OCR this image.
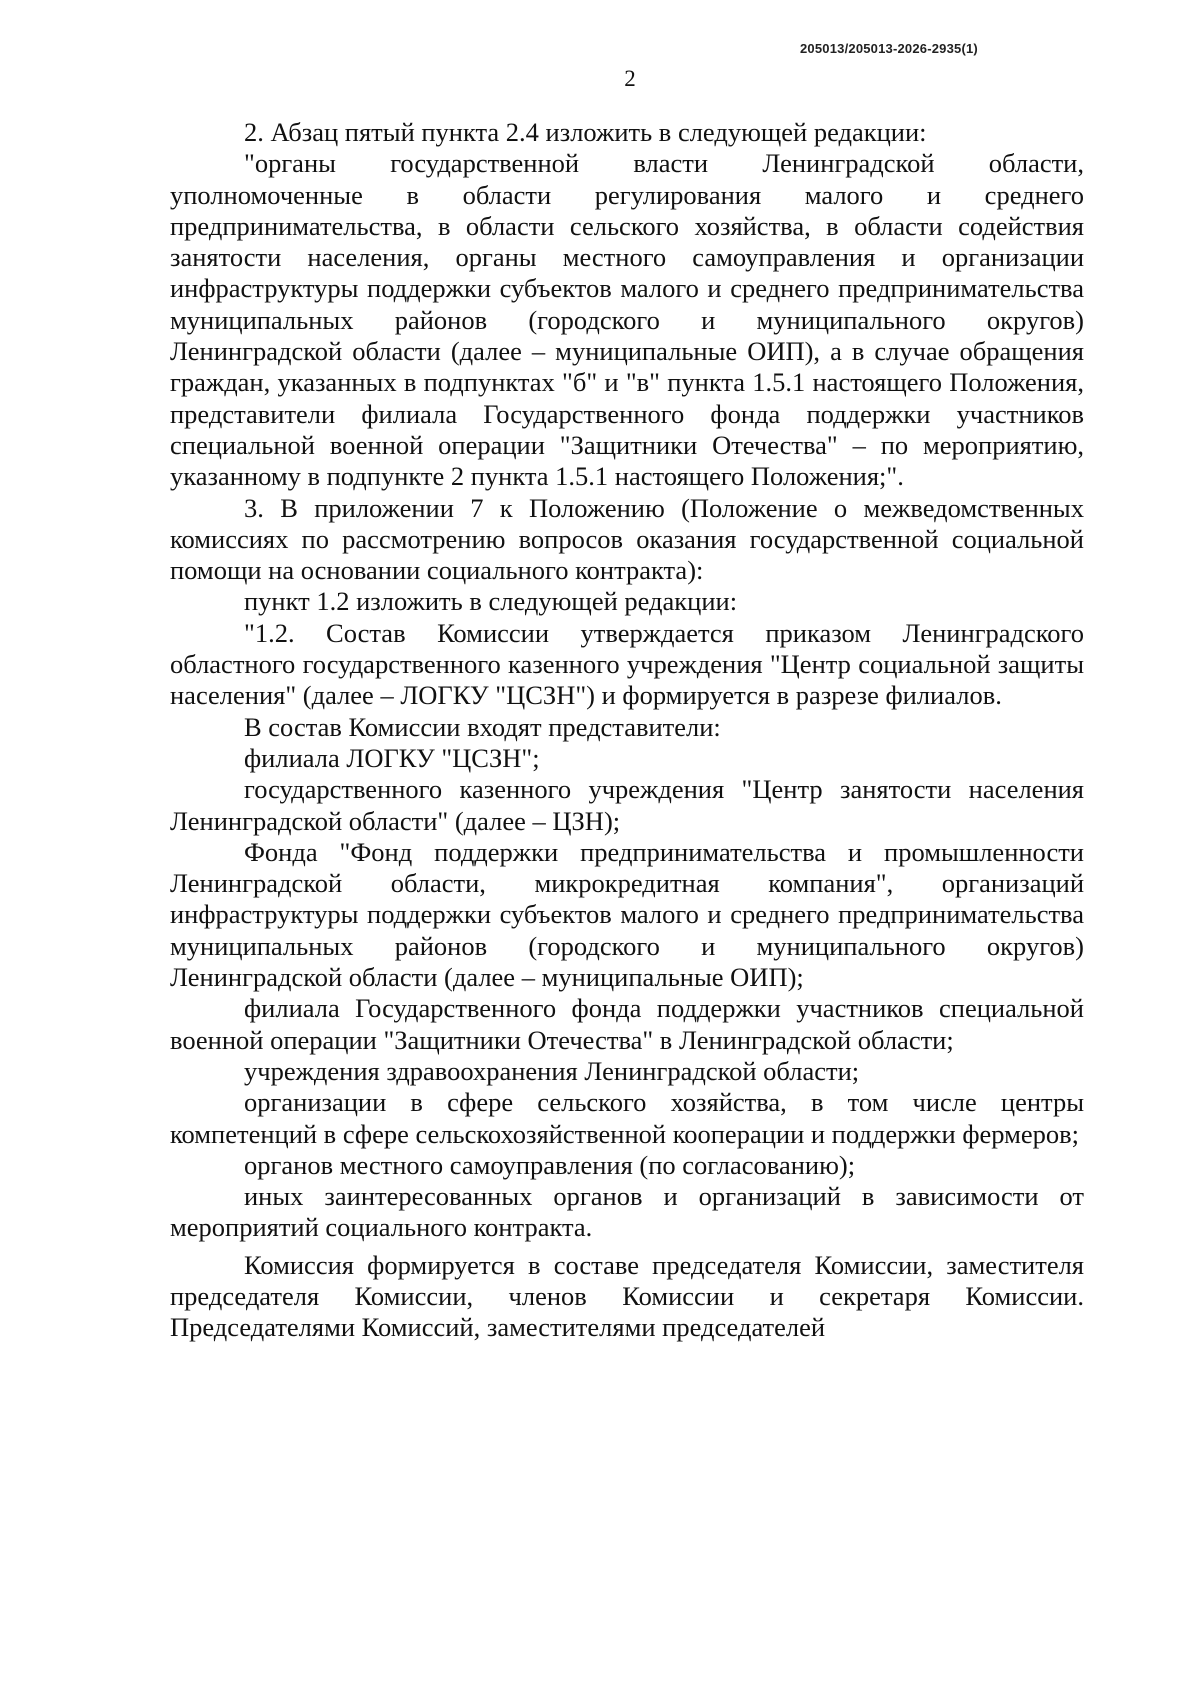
205013/205013-2026-2935(1)
2

2. Абзац пятый пункта 2.4 изложить в следующей редакции:

"органы государственной власти Ленинградской области, уполномоченные в области регулирования малого и среднего предпринимательства, в области сельского хозяйства, в области содействия занятости населения, органы местного самоуправления и организации инфраструктуры поддержки субъектов малого и среднего предпринимательства муниципальных районов (городского и муниципального округов) Ленинградской области (далее – муниципальные ОИП), а в случае обращения граждан, указанных в подпунктах "б" и "в" пункта 1.5.1 настоящего Положения, представители филиала Государственного фонда поддержки участников специальной военной операции "Защитники Отечества" – по мероприятию, указанному в подпункте 2 пункта 1.5.1 настоящего Положения;".

3. В приложении 7 к Положению (Положение о межведомственных комиссиях по рассмотрению вопросов оказания государственной социальной помощи на основании социального контракта):

пункт 1.2 изложить в следующей редакции:

"1.2. Состав Комиссии утверждается приказом Ленинградского областного государственного казенного учреждения "Центр социальной защиты населения" (далее – ЛОГКУ "ЦСЗН") и формируется в разрезе филиалов.

В состав Комиссии входят представители:

филиала ЛОГКУ "ЦСЗН";

государственного казенного учреждения "Центр занятости населения Ленинградской области" (далее – ЦЗН);

Фонда "Фонд поддержки предпринимательства и промышленности Ленинградской области, микрокредитная компания", организаций инфраструктуры поддержки субъектов малого и среднего предпринимательства муниципальных районов (городского и муниципального округов) Ленинградской области (далее – муниципальные ОИП);

филиала Государственного фонда поддержки участников специальной военной операции "Защитники Отечества" в Ленинградской области;

учреждения здравоохранения Ленинградской области;

организации в сфере сельского хозяйства, в том числе центры компетенций в сфере сельскохозяйственной кооперации и поддержки фермеров;

органов местного самоуправления (по согласованию);

иных заинтересованных органов и организаций в зависимости от мероприятий социального контракта.

Комиссия формируется в составе председателя Комиссии, заместителя председателя Комиссии, членов Комиссии и секретаря Комиссии. Председателями Комиссий, заместителями председателей
